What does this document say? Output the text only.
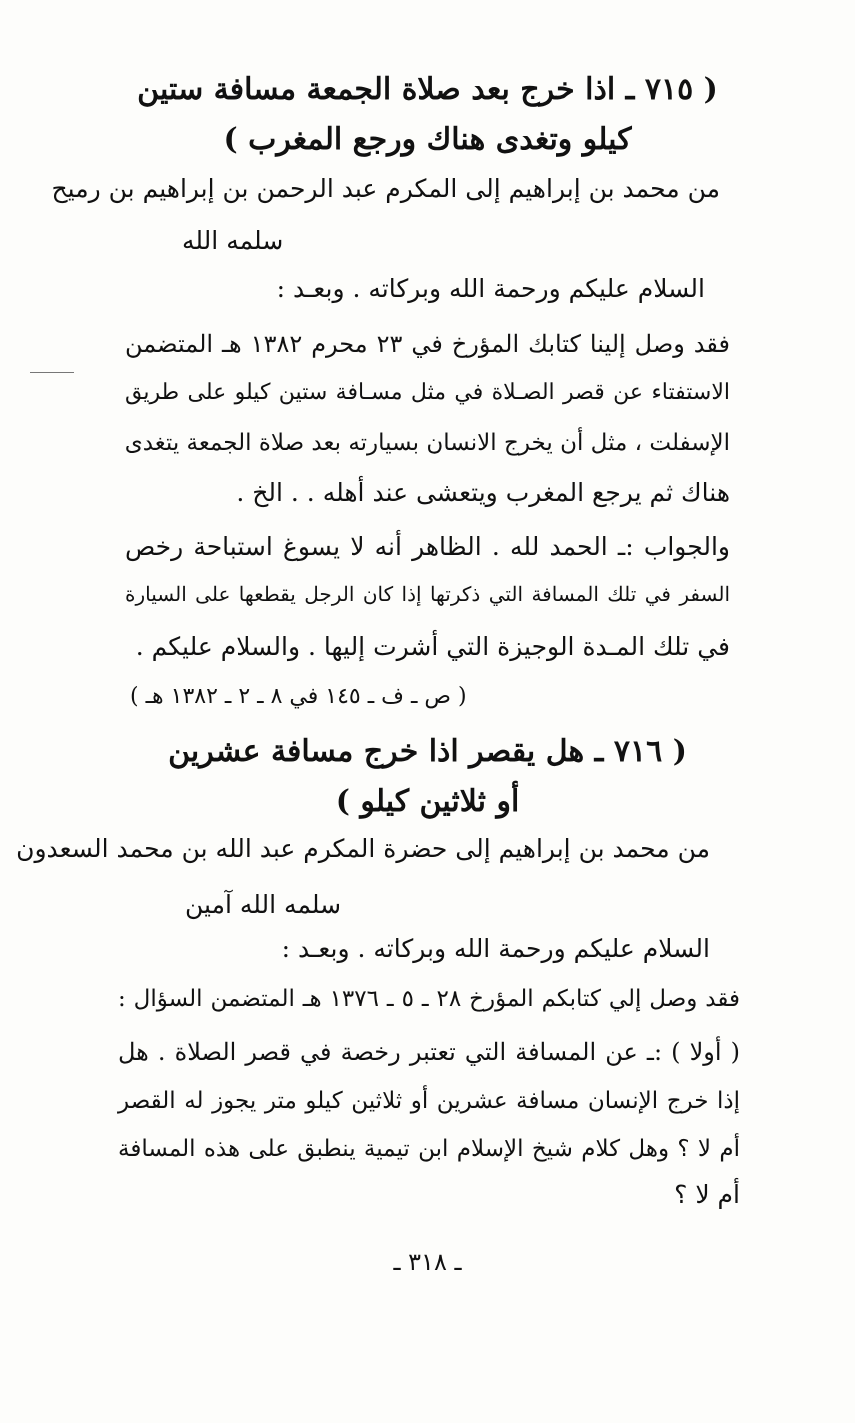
( ٧١٥ ـ اذا خرج بعد صلاة الجمعة مسافة ستين
كيلو وتغدى هناك ورجع المغرب )
من محمد بن إبراهيم إلى المكرم عبد الرحمن بن إبراهيم بن رميح
سلمه الله
السلام عليكم ورحمة الله وبركاته . وبعـد :
فقد وصل إلينا كتابك المؤرخ في ٢٣ محرم ١٣٨٢ هـ المتضمن
الاستفتاء عن قصر الصـلاة في مثل مسـافة ستين كيلو على طريق
الإسفلت ، مثل أن يخرج الانسان بسيارته بعد صلاة الجمعة يتغدى
هناك ثم يرجع المغرب ويتعشى عند أهله . . الخ .
والجواب :ـ الحمد لله . الظاهر أنه لا يسوغ استباحة رخص
السفر في تلك المسافة التي ذكرتها إذا كان الرجل يقطعها على السيارة
في تلك المـدة الوجيزة التي أشرت إليها . والسلام عليكم .
( ص ـ ف ـ ١٤٥ في ٨ ـ ٢ ـ ١٣٨٢ هـ )
( ٧١٦ ـ هل يقصر اذا خرج مسافة عشرين
أو ثلاثين كيلو )
من محمد بن إبراهيم إلى حضرة المكرم عبد الله بن محمد السعدون
سلمه الله آمين
السلام عليكم ورحمة الله وبركاته . وبعـد :
فقد وصل إلي كتابكم المؤرخ ٢٨ ـ ٥ ـ ١٣٧٦ هـ المتضمن السؤال :
( أولا ) :ـ عن المسافة التي تعتبر رخصة في قصر الصلاة . هل
إذا خرج الإنسان مسافة عشرين أو ثلاثين كيلو متر يجوز له القصر
أم لا ؟ وهل كلام شيخ الإسلام ابن تيمية ينطبق على هذه المسافة
أم لا ؟
ـ ٣١٨ ـ
